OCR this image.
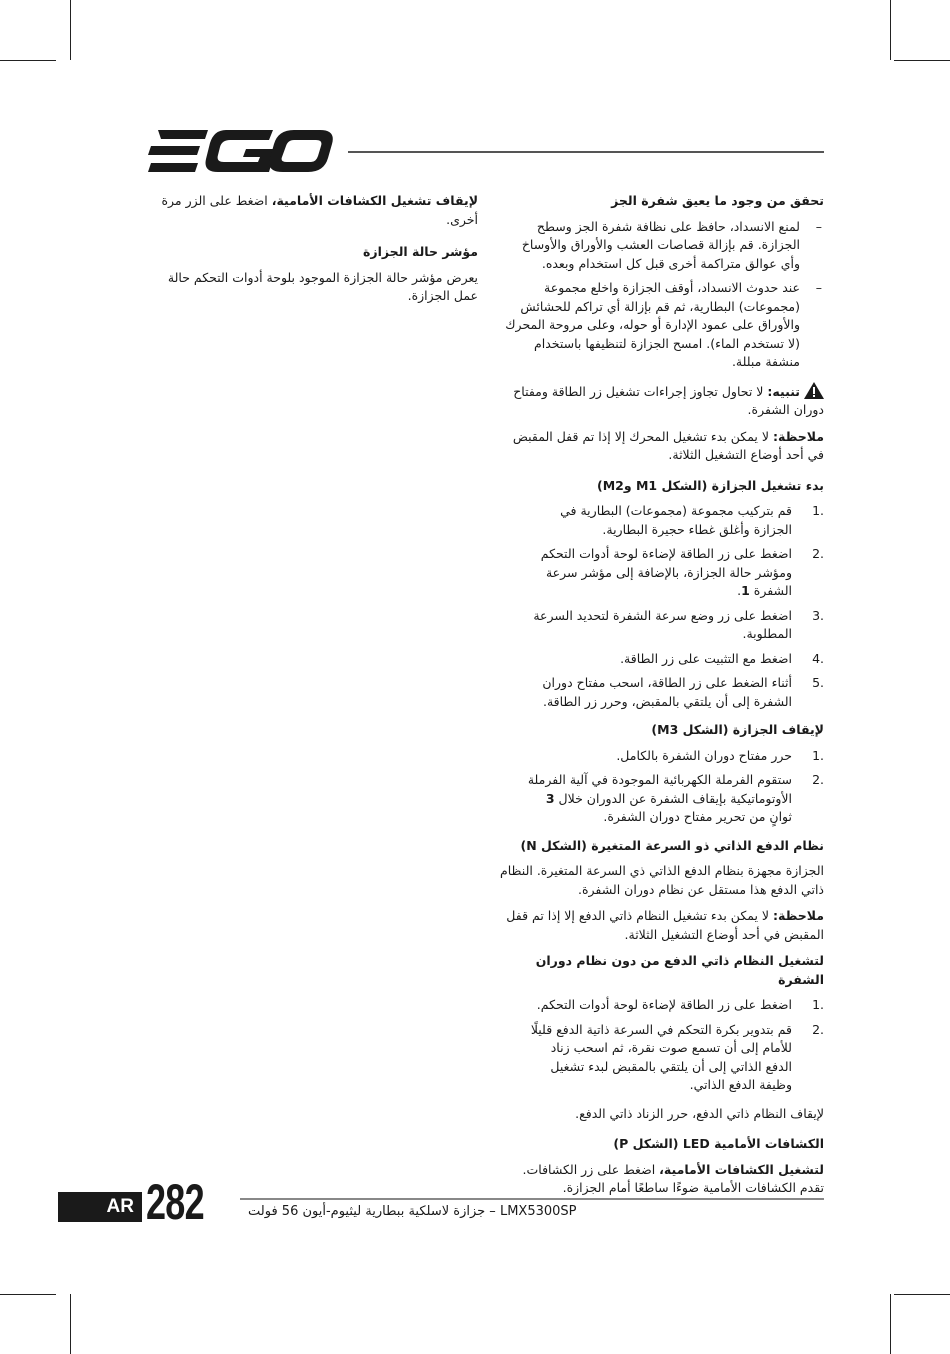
تحقق من وجود ما يعيق شفرة الجز
– لمنع الانسداد، حافظ على نظافة شفرة الجز وسطح الجزازة. قم بإزالة قصاصات العشب والأوراق والأوساخ وأي عوالق متراكمة أخرى قبل كل استخدام وبعده.
– عند حدوث الانسداد، أوقف الجزازة واخلع مجموعة (مجموعات) البطارية، ثم قم بإزالة أي تراكم للحشائش والأوراق على عمود الإدارة أو حوله، وعلى مروحة المحرك (لا تستخدم الماء). امسح الجزازة لتنظيفها باستخدام منشفة مبللة.

تنبيه: لا تحاول تجاوز إجراءات تشغيل زر الطاقة ومفتاح دوران الشفرة.

ملاحظة: لا يمكن بدء تشغيل المحرك إلا إذا تم قفل المقبض في أحد أوضاع التشغيل الثلاثة.

بدء تشغيل الجزازة (الشكل M1 وM2)
1.
قم بتركيب مجموعة (مجموعات) البطارية في الجزازة وأغلق غطاء حجيرة البطارية.
2.
اضغط على زر الطاقة لإضاءة لوحة أدوات التحكم ومؤشر حالة الجزازة، بالإضافة إلى مؤشر سرعة الشفرة 1.
3.
اضغط على زر وضع سرعة الشفرة لتحديد السرعة المطلوبة.
4.
اضغط مع التثبيت على زر الطاقة.
5.
أثناء الضغط على زر الطاقة، اسحب مفتاح دوران الشفرة إلى أن يلتقي بالمقبض، وحرر زر الطاقة.
لإيقاف الجزازة (الشكل M3)
1.
حرر مفتاح دوران الشفرة بالكامل.
2.
ستقوم الفرملة الكهربائية الموجودة في آلية الفرملة الأوتوماتيكية بإيقاف الشفرة عن الدوران خلال 3 ثوانٍ من تحرير مفتاح دوران الشفرة.
نظام الدفع الذاتي ذو السرعة المتغيرة (الشكل N)

الجزازة مجهزة بنظام الدفع الذاتي ذي السرعة المتغيرة. النظام ذاتي الدفع هذا مستقل عن نظام دوران الشفرة.

ملاحظة: لا يمكن بدء تشغيل النظام ذاتي الدفع إلا إذا تم قفل المقبض في أحد أوضاع التشغيل الثلاثة.

لتشغيل النظام ذاتي الدفع من دون نظام دوران الشفرة
1.
اضغط على زر الطاقة لإضاءة لوحة أدوات التحكم.
2.
قم بتدوير بكرة التحكم في السرعة ذاتية الدفع قليلًا للأمام إلى أن تسمع صوت نقرة، ثم اسحب زناد الدفع الذاتي إلى أن يلتقي بالمقبض لبدء تشغيل وظيفة الدفع الذاتي.

لإيقاف النظام ذاتي الدفع، حرر الزناد ذاتي الدفع.

الكشافات الأمامية LED (الشكل P)

لتشغيل الكشافات الأمامية، اضغط على زر الكشافات. تقدم الكشافات الأمامية ضوءًا ساطعًا أمام الجزازة.

لإيقاف تشغيل الكشافات الأمامية، اضغط على الزر مرة أخرى.

مؤشر حالة الجزازة

يعرض مؤشر حالة الجزازة الموجود بلوحة أدوات التحكم حالة عمل الجزازة.

AR 282	LMX5300SP – جزازة لاسلكية ببطارية ليثيوم-أيون 56 فولت
